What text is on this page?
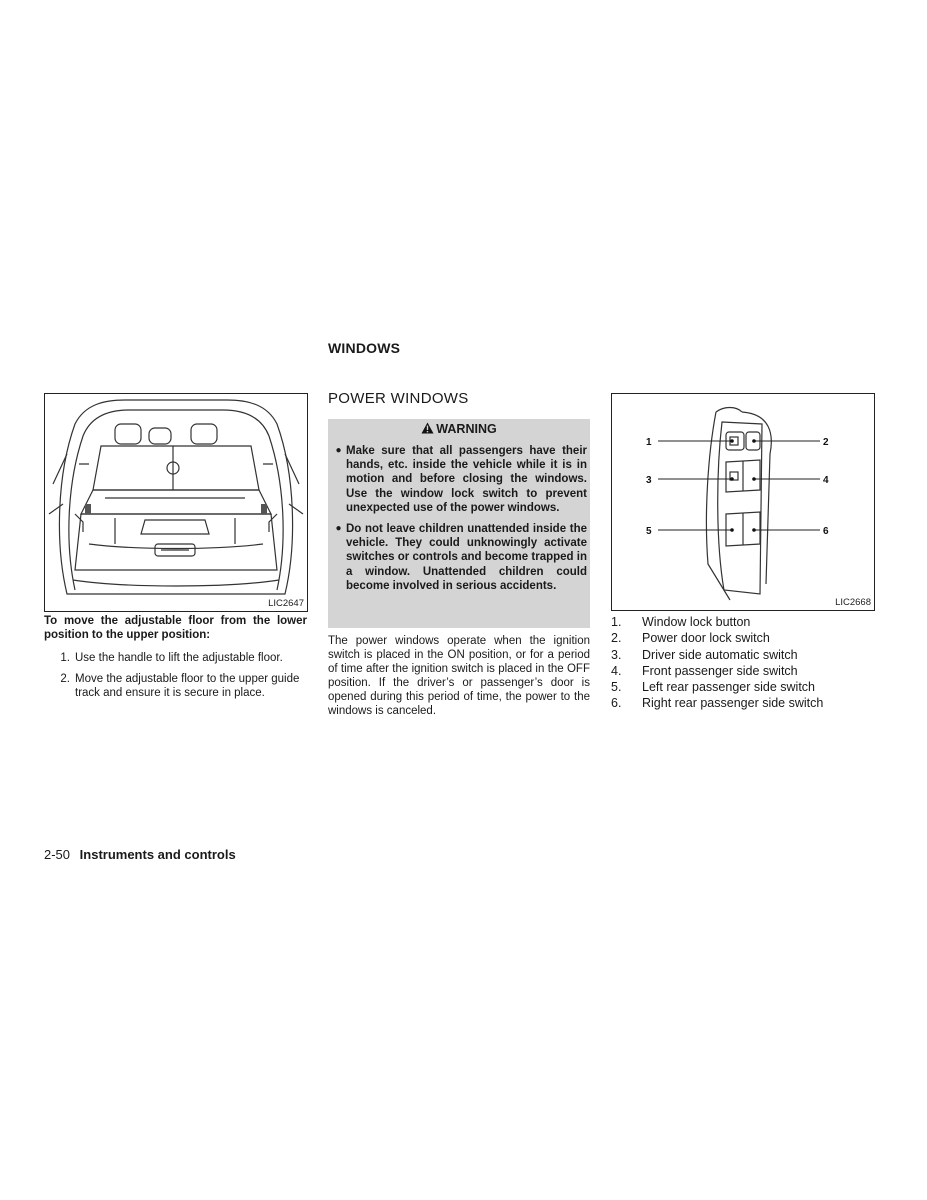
WINDOWS
LIC2647
To move the adjustable floor from the lower position to the upper position:
1. Use the handle to lift the adjustable floor.
2. Move the adjustable floor to the upper guide track and ensure it is secure in place.
POWER WINDOWS
WARNING
● Make sure that all passengers have their hands, etc. inside the vehicle while it is in motion and before closing the windows. Use the window lock switch to prevent unexpected use of the power windows.
● Do not leave children unattended inside the vehicle. They could unknowingly activate switches or controls and become trapped in a window. Unattended children could become involved in serious accidents.
The power windows operate when the ignition switch is placed in the ON position, or for a period of time after the ignition switch is placed in the OFF position. If the driver’s or passenger’s door is opened during this period of time, the power to the windows is canceled.
1	2
3	4
5	6
LIC2668
1.	Window lock button
2.	Power door lock switch
3.	Driver side automatic switch
4.	Front passenger side switch
5.	Left rear passenger side switch
6.	Right rear passenger side switch
2-50 Instruments and controls
